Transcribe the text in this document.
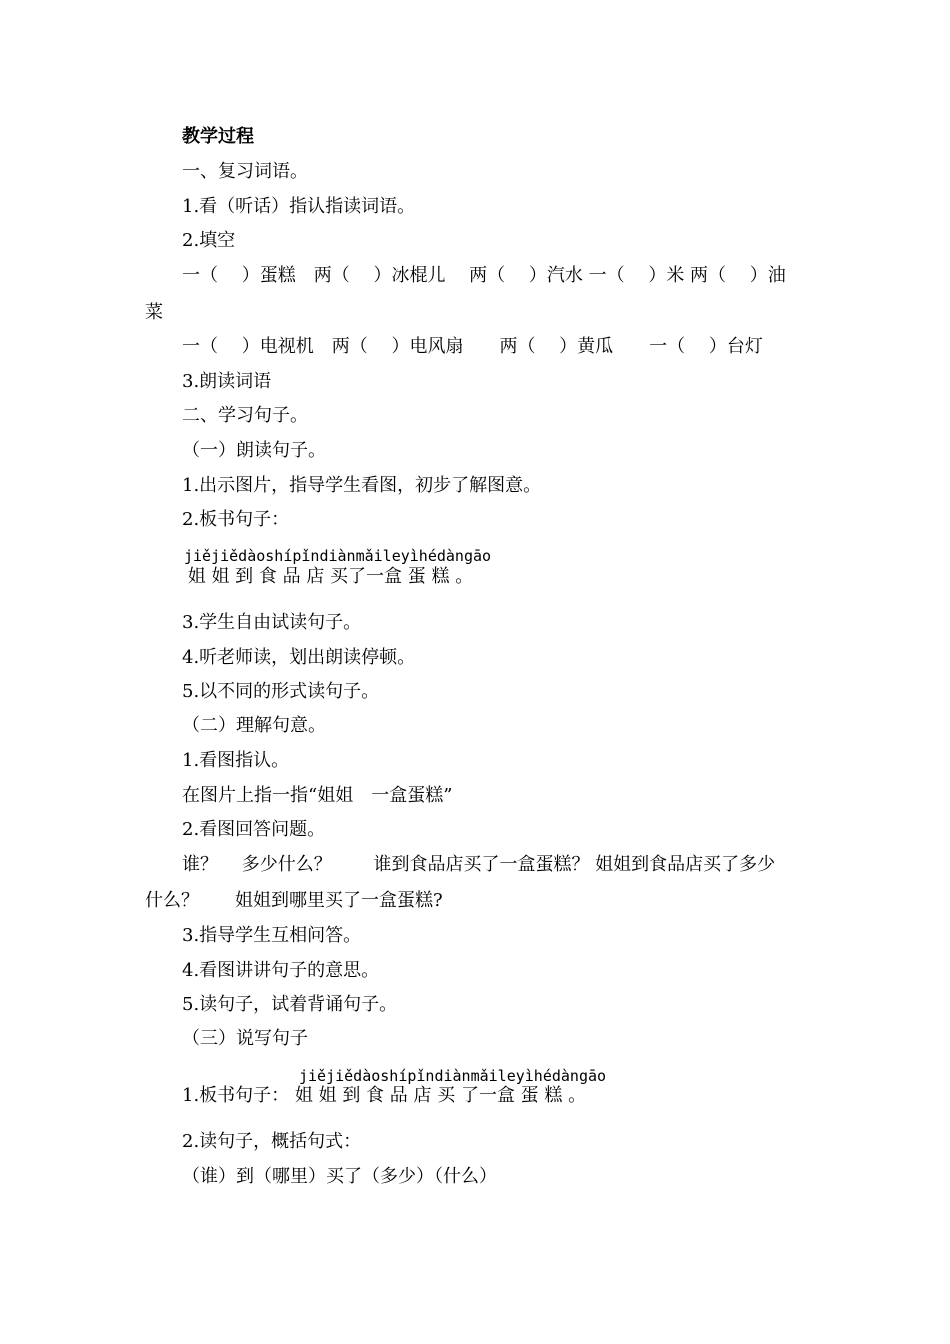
教学过程
一、复习词语。
1.看（听话）指认指读词语。
2.填空
一（　 ）蛋糕　两（　 ）冰棍儿　 两（　 ）汽水 一（　 ）米 两（　 ）油
菜
一（　 ）电视机　两（　 ）电风扇　　两（　 ）黄瓜　　一（　 ）台灯
3.朗读词语
二、学习句子。
（一）朗读句子。
1.出示图片，指导学生看图，初步了解图意。
2.板书句子：
jiějiědàoshípǐndiànmǎileyìhédàngāo
姐 姐 到 食 品 店 买了一盒 蛋 糕 。
3.学生自由试读句子。
4.听老师读，划出朗读停顿。
5.以不同的形式读句子。
（二）理解句意。
1.看图指认。
在图片上指一指“姐姐　一盒蛋糕”
2.看图回答问题。
谁？　 多少什么？　　 谁到食品店买了一盒蛋糕？ 姐姐到食品店买了多少
什么？　　姐姐到哪里买了一盒蛋糕?
3.指导学生互相问答。
4.看图讲讲句子的意思。
5.读句子，试着背诵句子。
（三）说写句子
jiějiědàoshípǐndiànmǎileyìhédàngāo
1.板书句子： 姐 姐 到 食 品 店 买 了一盒 蛋 糕 。
2.读句子，概括句式：
（谁）到（哪里）买了（多少）（什么）
